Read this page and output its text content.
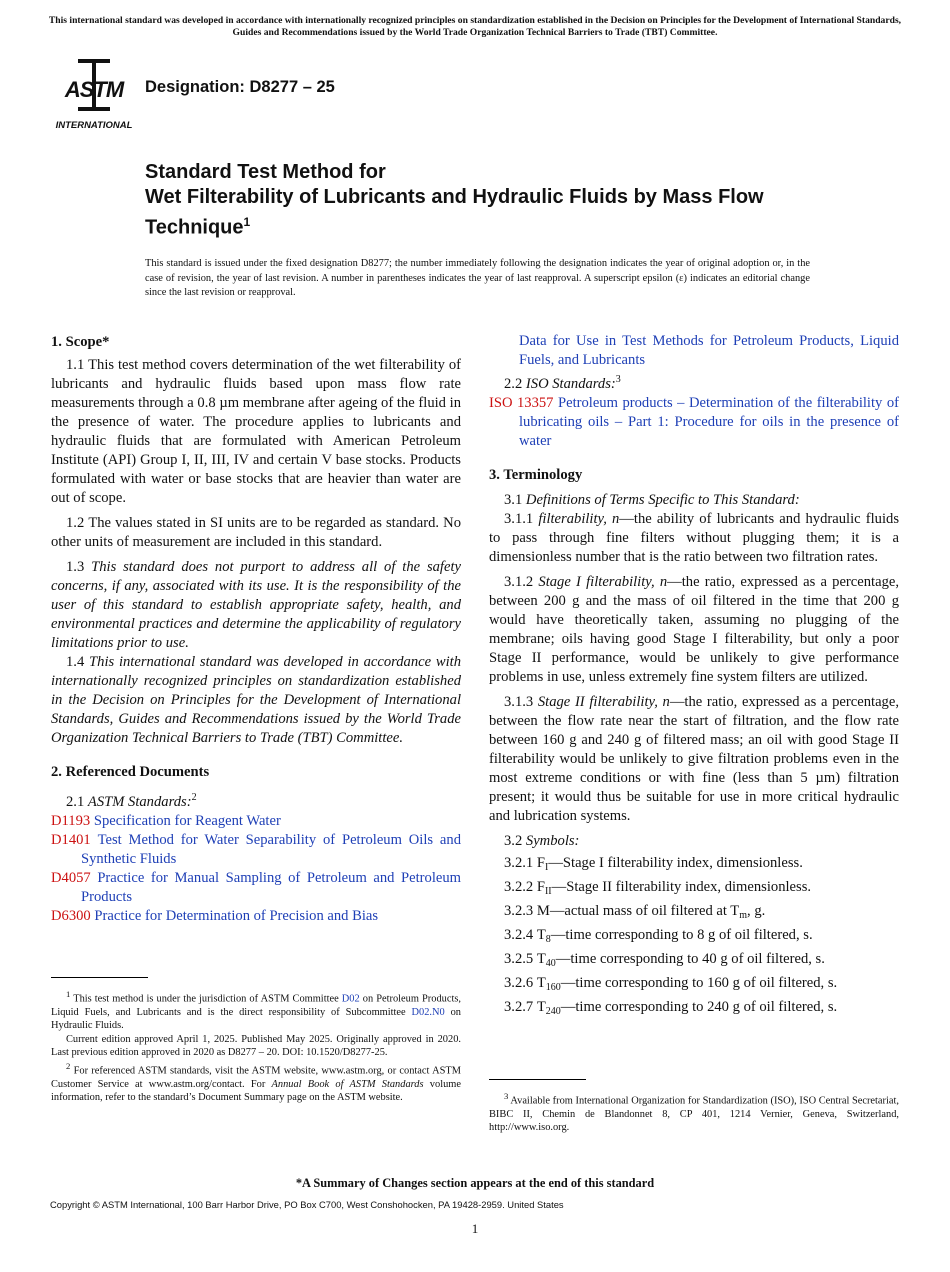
This international standard was developed in accordance with internationally recognized principles on standardization established in the Decision on Principles for the Development of International Standards, Guides and Recommendations issued by the World Trade Organization Technical Barriers to Trade (TBT) Committee.
ASTM
INTERNATIONAL
Designation: D8277 – 25
Standard Test Method for
Wet Filterability of Lubricants and Hydraulic Fluids by Mass Flow Technique$^1$
This standard is issued under the fixed designation D8277; the number immediately following the designation indicates the year of original adoption or, in the case of revision, the year of last revision. A number in parentheses indicates the year of last reapproval. A superscript epsilon (ε) indicates an editorial change since the last revision or reapproval.

1. Scope*

1.1 This test method covers determination of the wet filterability of lubricants and hydraulic fluids based upon mass flow rate measurements through a 0.8 µm membrane after ageing of the fluid in the presence of water. The procedure applies to lubricants and hydraulic fluids that are formulated with American Petroleum Institute (API) Group I, II, III, IV and certain V base stocks. Products formulated with water or base stocks that are heavier than water are out of scope.

1.2 The values stated in SI units are to be regarded as standard. No other units of measurement are included in this standard.

1.3 This standard does not purport to address all of the safety concerns, if any, associated with its use. It is the responsibility of the user of this standard to establish appropriate safety, health, and environmental practices and determine the applicability of regulatory limitations prior to use.

1.4 This international standard was developed in accordance with internationally recognized principles on standardization established in the Decision on Principles for the Development of International Standards, Guides and Recommendations issued by the World Trade Organization Technical Barriers to Trade (TBT) Committee.

2. Referenced Documents

2.1 ASTM Standards:$^2$

D1193 Specification for Reagent Water

D1401 Test Method for Water Separability of Petroleum Oils and Synthetic Fluids

D4057 Practice for Manual Sampling of Petroleum and Petroleum Products

D6300 Practice for Determination of Precision and Bias

$^1$ This test method is under the jurisdiction of ASTM Committee D02 on Petroleum Products, Liquid Fuels, and Lubricants and is the direct responsibility of Subcommittee D02.N0 on Hydraulic Fluids.

Current edition approved April 1, 2025. Published May 2025. Originally approved in 2020. Last previous edition approved in 2020 as D8277 – 20. DOI: 10.1520/D8277-25.

$^2$ For referenced ASTM standards, visit the ASTM website, www.astm.org, or contact ASTM Customer Service at www.astm.org/contact. For Annual Book of ASTM Standards volume information, refer to the standard’s Document Summary page on the ASTM website.

Data for Use in Test Methods for Petroleum Products, Liquid Fuels, and Lubricants

2.2 ISO Standards:$^3$

ISO 13357 Petroleum products – Determination of the filterability of lubricating oils – Part 1: Procedure for oils in the presence of water

3. Terminology

3.1 Definitions of Terms Specific to This Standard:

3.1.1 filterability, n—the ability of lubricants and hydraulic fluids to pass through fine filters without plugging them; it is a dimensionless number that is the ratio between two filtration rates.

3.1.2 Stage I filterability, n—the ratio, expressed as a percentage, between 200 g and the mass of oil filtered in the time that 200 g would have theoretically taken, assuming no plugging of the membrane; oils having good Stage I filterability, but only a poor Stage II performance, would be unlikely to give performance problems in use, unless extremely fine system filters are utilized.

3.1.3 Stage II filterability, n—the ratio, expressed as a percentage, between the flow rate near the start of filtration, and the flow rate between 160 g and 240 g of filtered mass; an oil with good Stage II filterability would be unlikely to give filtration problems even in the most extreme conditions or with fine (less than 5 µm) filtration present; it would thus be suitable for use in more critical hydraulic and lubrication systems.

3.2 Symbols:

3.2.1 $F_I—Stage$ I filterability index, dimensionless.

3.2.2 $F_{II}—Stage$ II filterability index, dimensionless.

3.2.3 M—actual mass of oil filtered at $T_m$, g.

3.2.4 $T_8—time$ corresponding to 8 g of oil filtered, s.

3.2.5 $T_{40}—time$ corresponding to 40 g of oil filtered, s.

3.2.6 $T_{160}—time$ corresponding to 160 g of oil filtered, s.

3.2.7 $T_{240}—time$ corresponding to 240 g of oil filtered, s.

$^3$ Available from International Organization for Standardization (ISO), ISO Central Secretariat, BIBC II, Chemin de Blandonnet 8, CP 401, 1214 Vernier, Geneva, Switzerland, http://www.iso.org.

*A Summary of Changes section appears at the end of this standard
Copyright © ASTM International, 100 Barr Harbor Drive, PO Box C700, West Conshohocken, PA 19428-2959. United States
1
